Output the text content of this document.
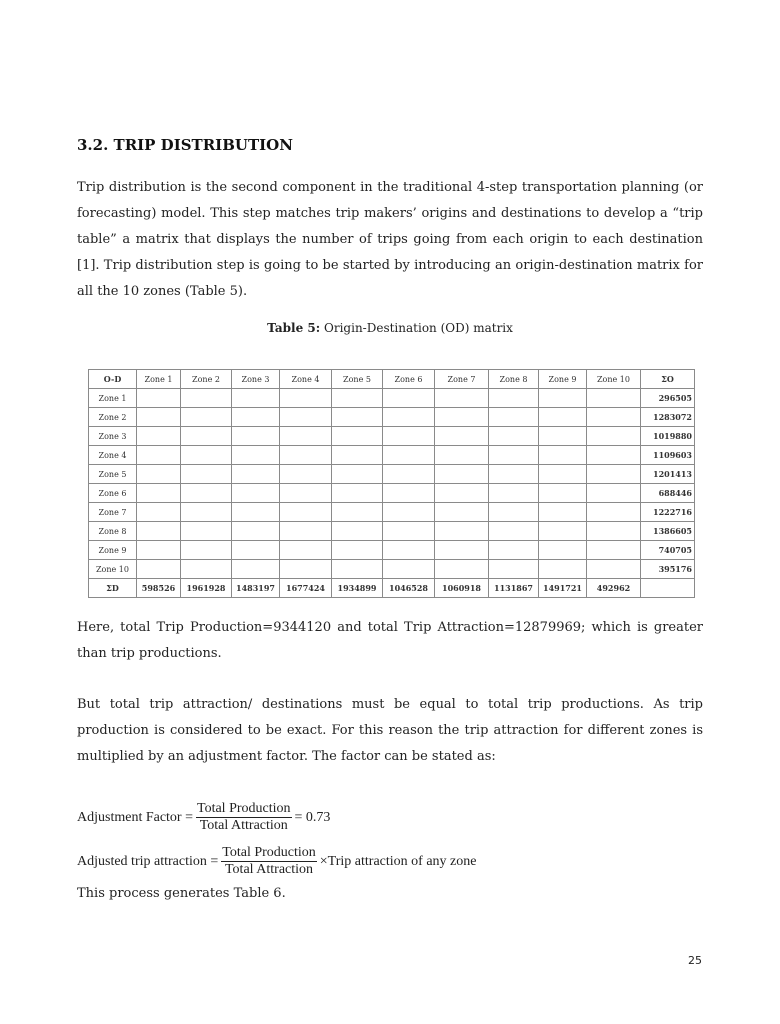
3.2. TRIP DISTRIBUTION

Trip distribution is the second component in the traditional 4-step transportation planning (or forecasting) model. This step matches trip makers’ origins and destinations to develop a “trip table” a matrix that displays the number of trips going from each origin to each destination [1]. Trip distribution step is going to be started by introducing an origin-destination matrix for all the 10 zones (Table 5).

Table 5: Origin-Destination (OD) matrix
O-D	Zone 1	Zone 2	Zone 3	Zone 4	Zone 5	Zone 6	Zone 7	Zone 8	Zone 9	Zone 10	ΣO
Zone 1											296505
Zone 2											1283072
Zone 3											1019880
Zone 4											1109603
Zone 5											1201413
Zone 6											688446
Zone 7											1222716
Zone 8											1386605
Zone 9											740705
Zone 10											395176
ΣD	598526	1961928	1483197	1677424	1934899	1046528	1060918	1131867	1491721	492962	

Here, total Trip Production=9344120 and total Trip Attraction=12879969; which is greater than trip productions.

But total trip attraction/ destinations must be equal to total trip productions. As trip production is considered to be exact. For this reason the trip attraction for different zones is multiplied by an adjustment factor. The factor can be stated as:

Adjustment Factor = $\frac{\text{Total Production}}{\text{Total Attraction}} = 0.73$
Adjusted trip attraction = $\frac{\text{Total Production}}{\text{Total Attraction}}$ ×Trip attraction of any zone
This process generates Table 6.
25
